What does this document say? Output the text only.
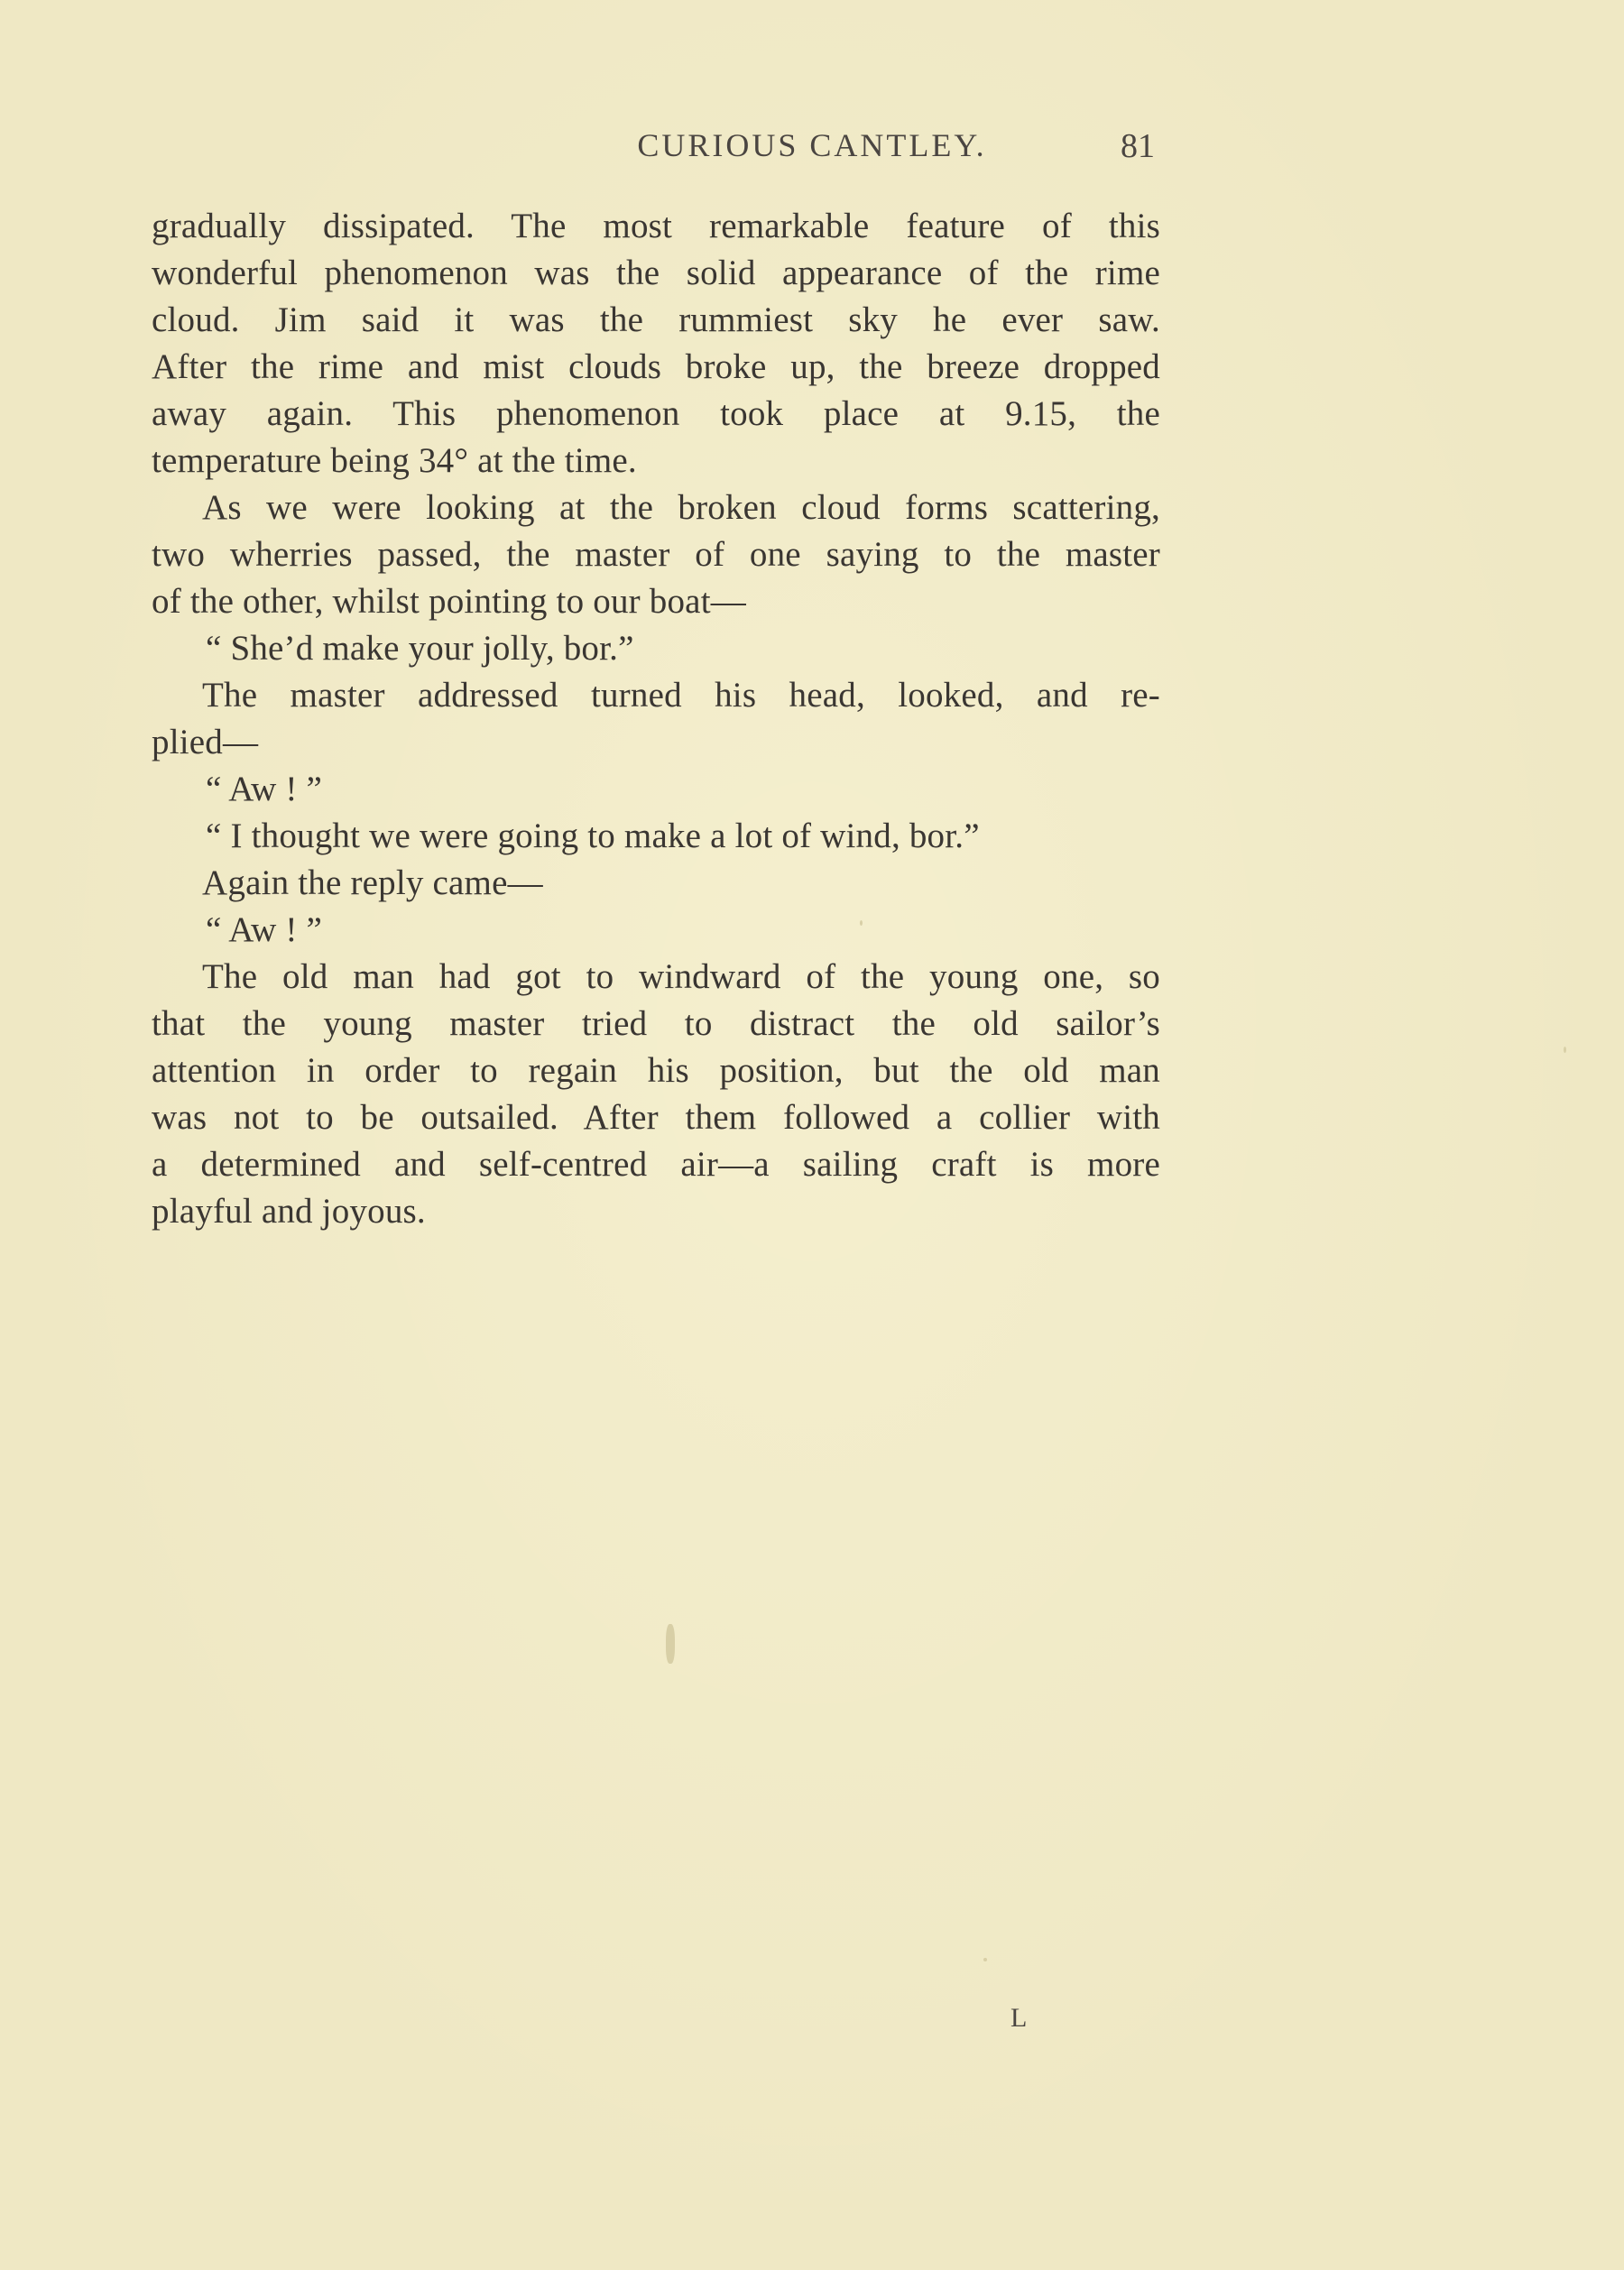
CURIOUS CANTLEY.	81
gradually dissipated. The most remarkable feature of this
wonderful phenomenon was the solid appearance of the rime
cloud. Jim said it was the rummiest sky he ever saw.
After the rime and mist clouds broke up, the breeze dropped
away again. This phenomenon took place at 9.15, the
temperature being 34° at the time.
As we were looking at the broken cloud forms scattering,
two wherries passed, the master of one saying to the master
of the other, whilst pointing to our boat—
“ She’d make your jolly, bor.”
The master addressed turned his head, looked, and re-
plied—
“ Aw ! ”
“ I thought we were going to make a lot of wind, bor.”
Again the reply came—
“ Aw ! ”
The old man had got to windward of the young one, so
that the young master tried to distract the old sailor’s
attention in order to regain his position, but the old man
was not to be outsailed. After them followed a collier with
a determined and self-centred air—a sailing craft is more
playful and joyous.
L
